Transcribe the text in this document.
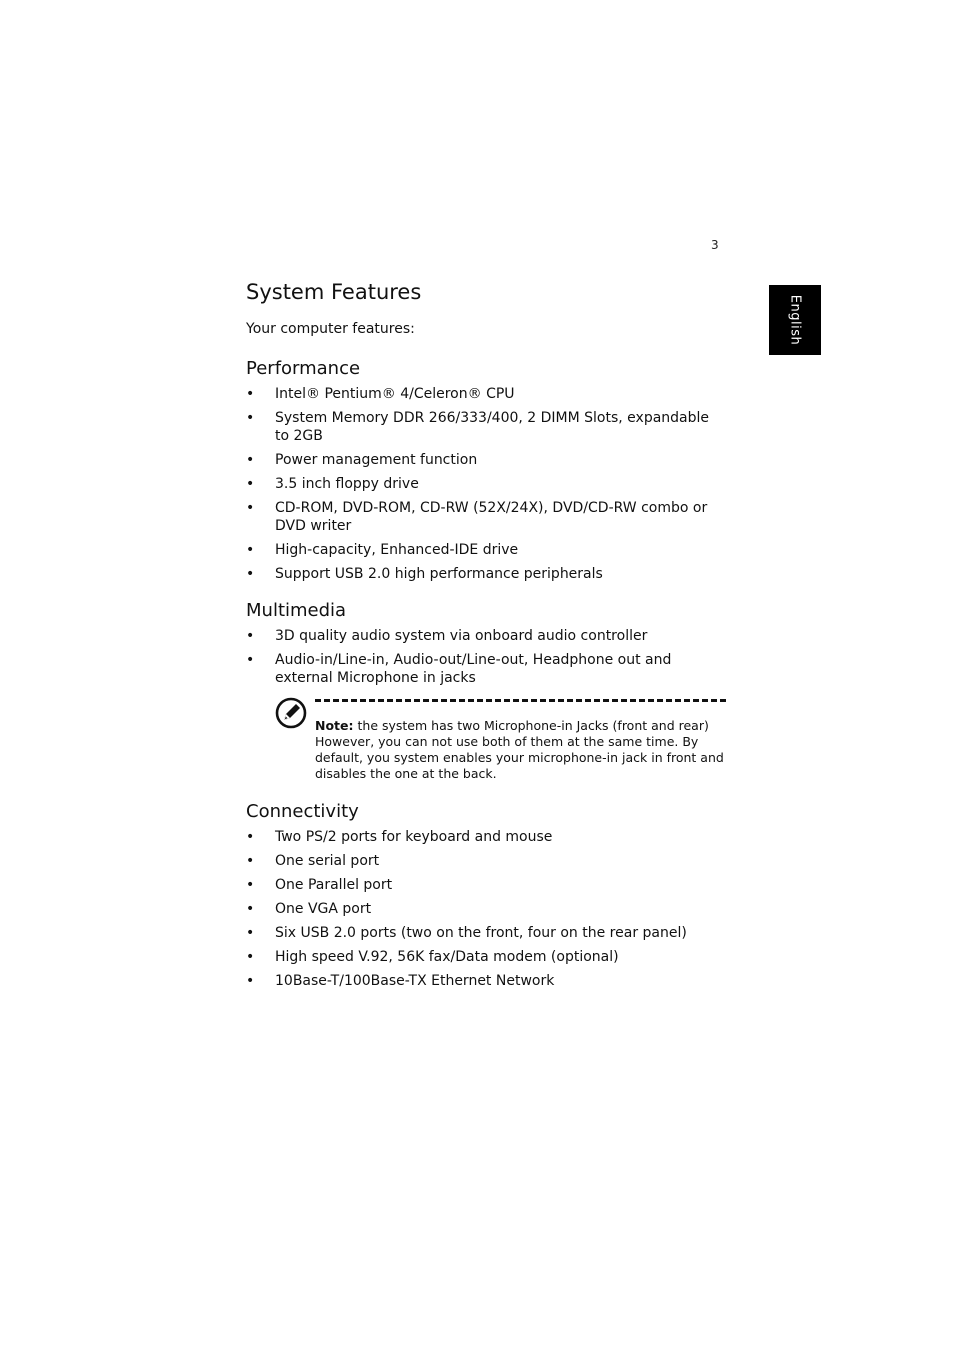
3
English
System Features

Your computer features:

Performance
• Intel® Pentium® 4/Celeron® CPU
• System Memory DDR 266/333/400, 2 DIMM Slots, expandable to 2GB
• Power management function
• 3.5 inch floppy drive
• CD-ROM, DVD-ROM, CD-RW (52X/24X), DVD/CD-RW combo or DVD writer
• High-capacity, Enhanced-IDE drive
• Support USB 2.0 high performance peripherals
Multimedia
• 3D quality audio system via onboard audio controller
• Audio-in/Line-in, Audio-out/Line-out, Headphone out and external Microphone in jacks

Note: the system has two Microphone-in Jacks (front and rear) However, you can not use both of them at the same time. By default, you system enables your microphone-in jack in front and disables the one at the back.

Connectivity
• Two PS/2 ports for keyboard and mouse
• One serial port
• One Parallel port
• One VGA port
• Six USB 2.0 ports (two on the front, four on the rear panel)
• High speed V.92, 56K fax/Data modem (optional)
• 10Base-T/100Base-TX Ethernet Network
